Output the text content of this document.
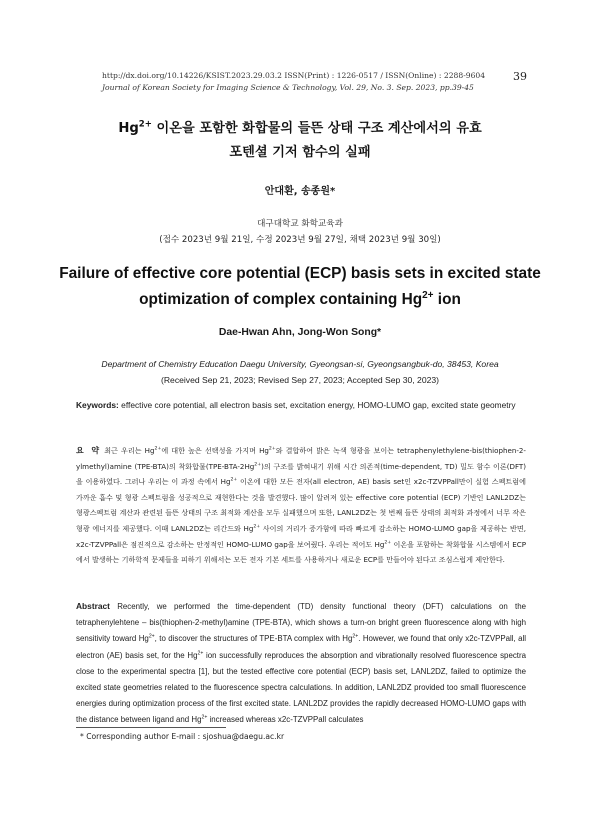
http://dx.doi.org/10.14226/KSIST.2023.29.03.2 ISSN(Print) : 1226-0517 / ISSN(Online) : 2288-9604
Journal of Korean Society for Imaging Science & Technology, Vol. 29, No. 3. Sep. 2023, pp.39-45
39
$Hg^{2+}$ 이온을 포함한 화합물의 들뜬 상태 구조 계산에서의 유효
포텐셜 기저 함수의 실패
안대환, 송종원*
대구대학교 화학교육과
(접수 2023년 9월 21일, 수정 2023년 9월 27일, 채택 2023년 9월 30일)
Failure of effective core potential (ECP) basis sets in excited state
optimization of complex containing $Hg^{2+}$ ion
Dae-Hwan Ahn, Jong-Won Song*
Department of Chemistry Education Daegu University, Gyeongsan-si, Gyeongsangbuk-do, 38453, Korea
(Received Sep 21, 2023; Revised Sep 27, 2023; Accepted Sep 30, 2023)
Keywords: effective core potential, all electron basis set, excitation energy, HOMO-LUMO gap, excited state geometry
요 약 최근 우리는 $Hg^{2+}$에 대한 높은 선택성을 가지며 $Hg^{2+}$와 결합하여 밝은 녹색 형광을 보이는 tetraphenylethylene-bis(thiophen-2-ylmethyl)amine (TPE-BTA)의 착화합물$(TPE-BTA-2Hg^{2+})$의 구조를 밝혀내기 위해 시간 의존적(time-dependent, TD) 밀도 함수 이론(DFT)을 이용하였다. 그러나 우리는 이 과정 속에서 $Hg^{2+}$ 이온에 대한 모든 전자(all electron, AE) basis set인 x2c-TZVPPall만이 실험 스펙트럼에 가까운 흡수 및 형광 스펙트럼을 성공적으로 재현한다는 것을 발견했다. 많이 알려져 있는 effective core potential (ECP) 기반인 LANL2DZ는 형광스펙트럼 계산과 관련된 들뜬 상태의 구조 최적화 계산을 모두 실패했으며 또한, LANL2DZ는 첫 번째 들뜬 상태의 최적화 과정에서 너무 작은 형광 에너지를 제공했다. 이때 LANL2DZ는 리간드와 $Hg^{2+}$ 사이의 거리가 증가함에 따라 빠르게 감소하는 HOMO-LUMO gap을 제공하는 반면, x2c-TZVPPall은 점진적으로 감소하는 안정적인 HOMO-LUMO gap을 보여줬다. 우리는 적어도 $Hg^{2+}$ 이온을 포함하는 착화합물 시스템에서 ECP에서 발생하는 기하학적 문제들을 피하기 위해서는 모든 전자 기본 세트를 사용하거나 새로운 ECP를 만들어야 된다고 조심스럽게 제안한다.
Abstract Recently, we performed the time-dependent (TD) density functional theory (DFT) calculations on the tetraphenylehtene – bis(thiophen-2-methyl)amine (TPE-BTA), which shows a turn-on bright green fluorescence along with high sensitivity toward $Hg^{2+}$, to discover the structures of TPE-BTA complex with $Hg^{2+}$. However, we found that only x2c-TZVPPall, all electron (AE) basis set, for the $Hg^{2+}$ ion successfully reproduces the absorption and vibrationally resolved fluorescence spectra close to the experimental spectra [1], but the tested effective core potential (ECP) basis set, LANL2DZ, failed to optimize the excited state geometries related to the fluorescence spectra calculations. In addition, LANL2DZ provided too small fluorescence energies during optimization process of the first excited state. LANL2DZ provides the rapidly decreased HOMO-LUMO gaps with the distance between ligand and $Hg^{2+}$ increased whereas x2c-TZVPPall calculates
* Corresponding author E-mail : sjoshua@daegu.ac.kr
